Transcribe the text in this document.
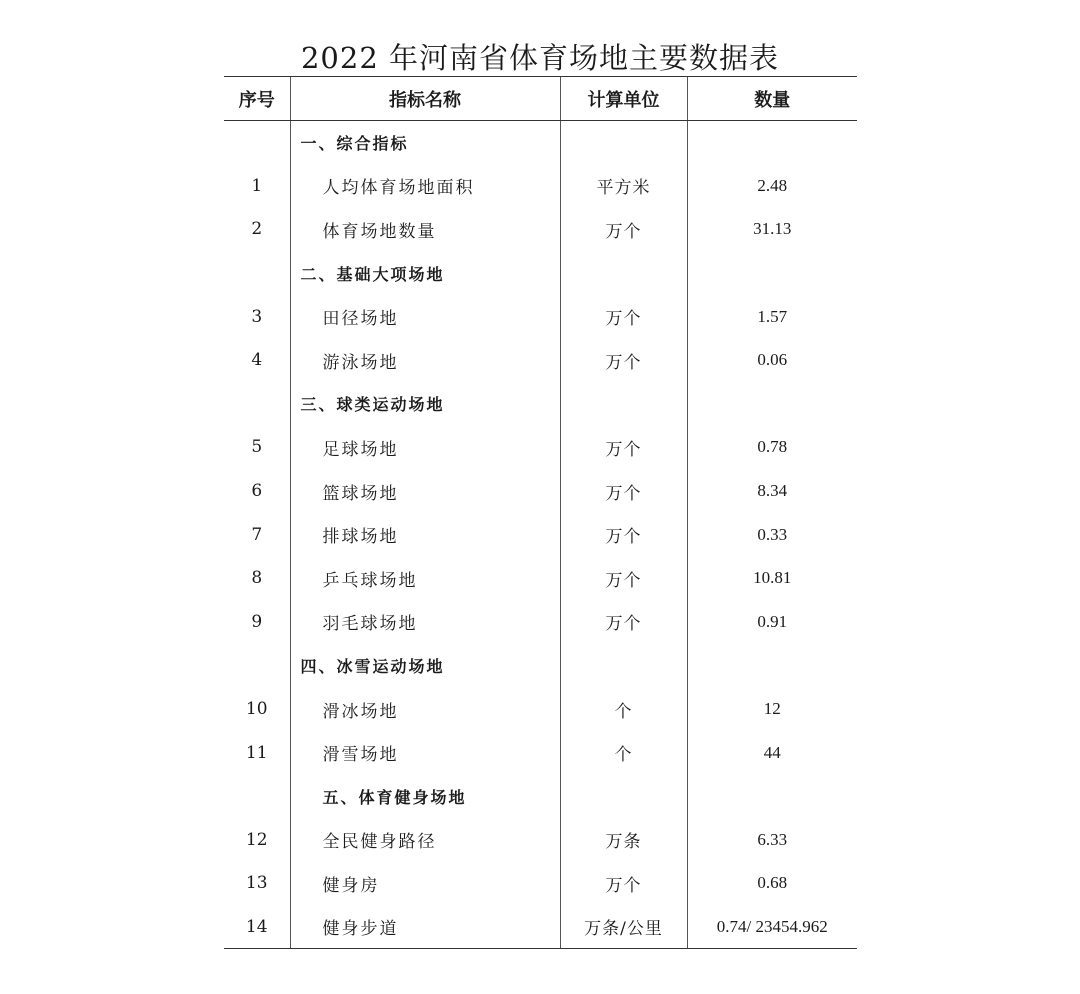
2022 年河南省体育场地主要数据表
序号	指标名称	计算单位	数量
	一、综合指标		
1	人均体育场地面积	平方米	2.48
2	体育场地数量	万个	31.13
	二、基础大项场地		
3	田径场地	万个	1.57
4	游泳场地	万个	0.06
	三、球类运动场地		
5	足球场地	万个	0.78
6	篮球场地	万个	8.34
7	排球场地	万个	0.33
8	乒乓球场地	万个	10.81
9	羽毛球场地	万个	0.91
	四、冰雪运动场地		
10	滑冰场地	个	12
11	滑雪场地	个	44
	五、体育健身场地		
12	全民健身路径	万条	6.33
13	健身房	万个	0.68
14	健身步道	万条/公里	0.74/ 23454.962
